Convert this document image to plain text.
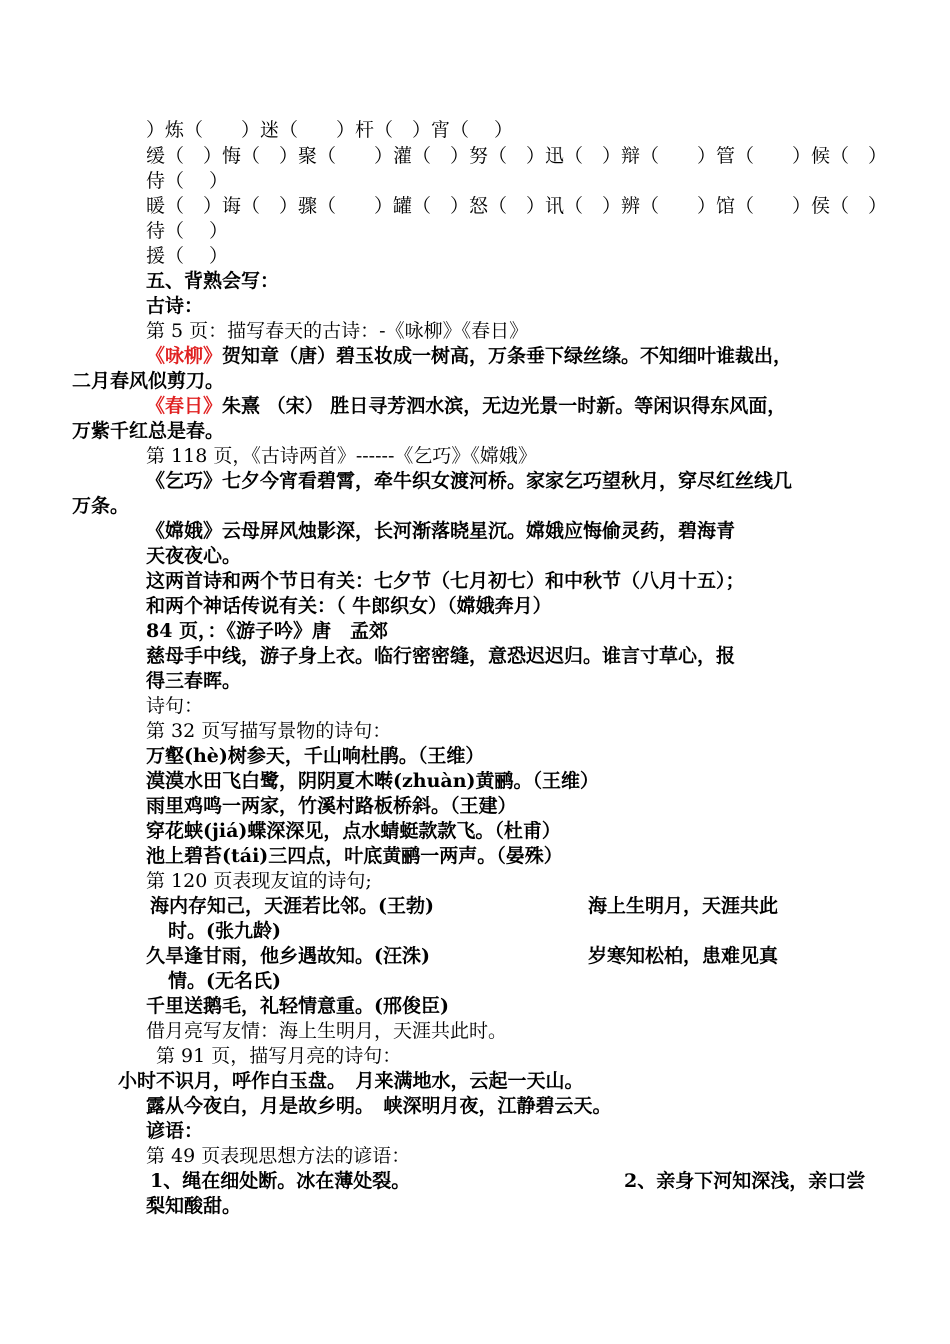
）炼（　　）迷（　　）杆（　）宵（　 ）
缓（　）悔（　）聚（　　）灌（　）努（　）迅（　）辩（　　）管（　　）候（　）
侍（　 ）
暖（　）诲（　）骤（　　）罐（　）怒（　）讯（　）辨（　　）馆（　　）侯（　）
待（　 ）
援（　 ）
五、背熟会写：
古诗：
第 5 页：描写春天的古诗：-《咏柳》《春日》
《咏柳》贺知章（唐）碧玉妆成一树高，万条垂下绿丝绦。不知细叶谁裁出，
二月春风似剪刀。
《春日》朱熹 （宋） 胜日寻芳泗水滨，无边光景一时新。等闲识得东风面，
万紫千红总是春。
第 118 页，《古诗两首》------《乞巧》《嫦娥》
《乞巧》七夕今宵看碧霄，牵牛织女渡河桥。家家乞巧望秋月，穿尽红丝线几
万条。
《嫦娥》云母屏风烛影深，长河渐落晓星沉。嫦娥应悔偷灵药，碧海青
天夜夜心。
这两首诗和两个节日有关：七夕节（七月初七）和中秋节（八月十五）；
和两个神话传说有关：（ 牛郎织女）（嫦娥奔月）
84 页，：《游子吟》唐　孟郊
慈母手中线，游子身上衣。临行密密缝，意恐迟迟归。谁言寸草心，报
得三春晖。
诗句：
第 32 页写描写景物的诗句：
万壑(hè)树参天，千山响杜鹃。（王维）
漠漠水田飞白鹭，阴阴夏木啭(zhuàn)黄鹂。（王维）
雨里鸡鸣一两家，竹溪村路板桥斜。（王建）
穿花蛱(jiá)蝶深深见，点水蜻蜓款款飞。（杜甫）
池上碧苔(tái)三四点，叶底黄鹂一两声。（晏殊）
第 120 页表现友谊的诗句;
海内存知己，天涯若比邻。(王勃)	海上生明月，天涯共此
时。(张九龄)
久旱逢甘雨，他乡遇故知。(汪洙)	岁寒知松柏，患难见真
情。(无名氏)
千里送鹅毛，礼轻情意重。(邢俊臣)
借月亮写友情：海上生明月，天涯共此时。
第 91 页，描写月亮的诗句：
小时不识月，呼作白玉盘。　月来满地水，云起一天山。
露从今夜白，月是故乡明。　峡深明月夜，江静碧云天。
谚语：
第 49 页表现思想方法的谚语：
1、绳在细处断。冰在薄处裂。	2、亲身下河知深浅，亲口尝
梨知酸甜。
